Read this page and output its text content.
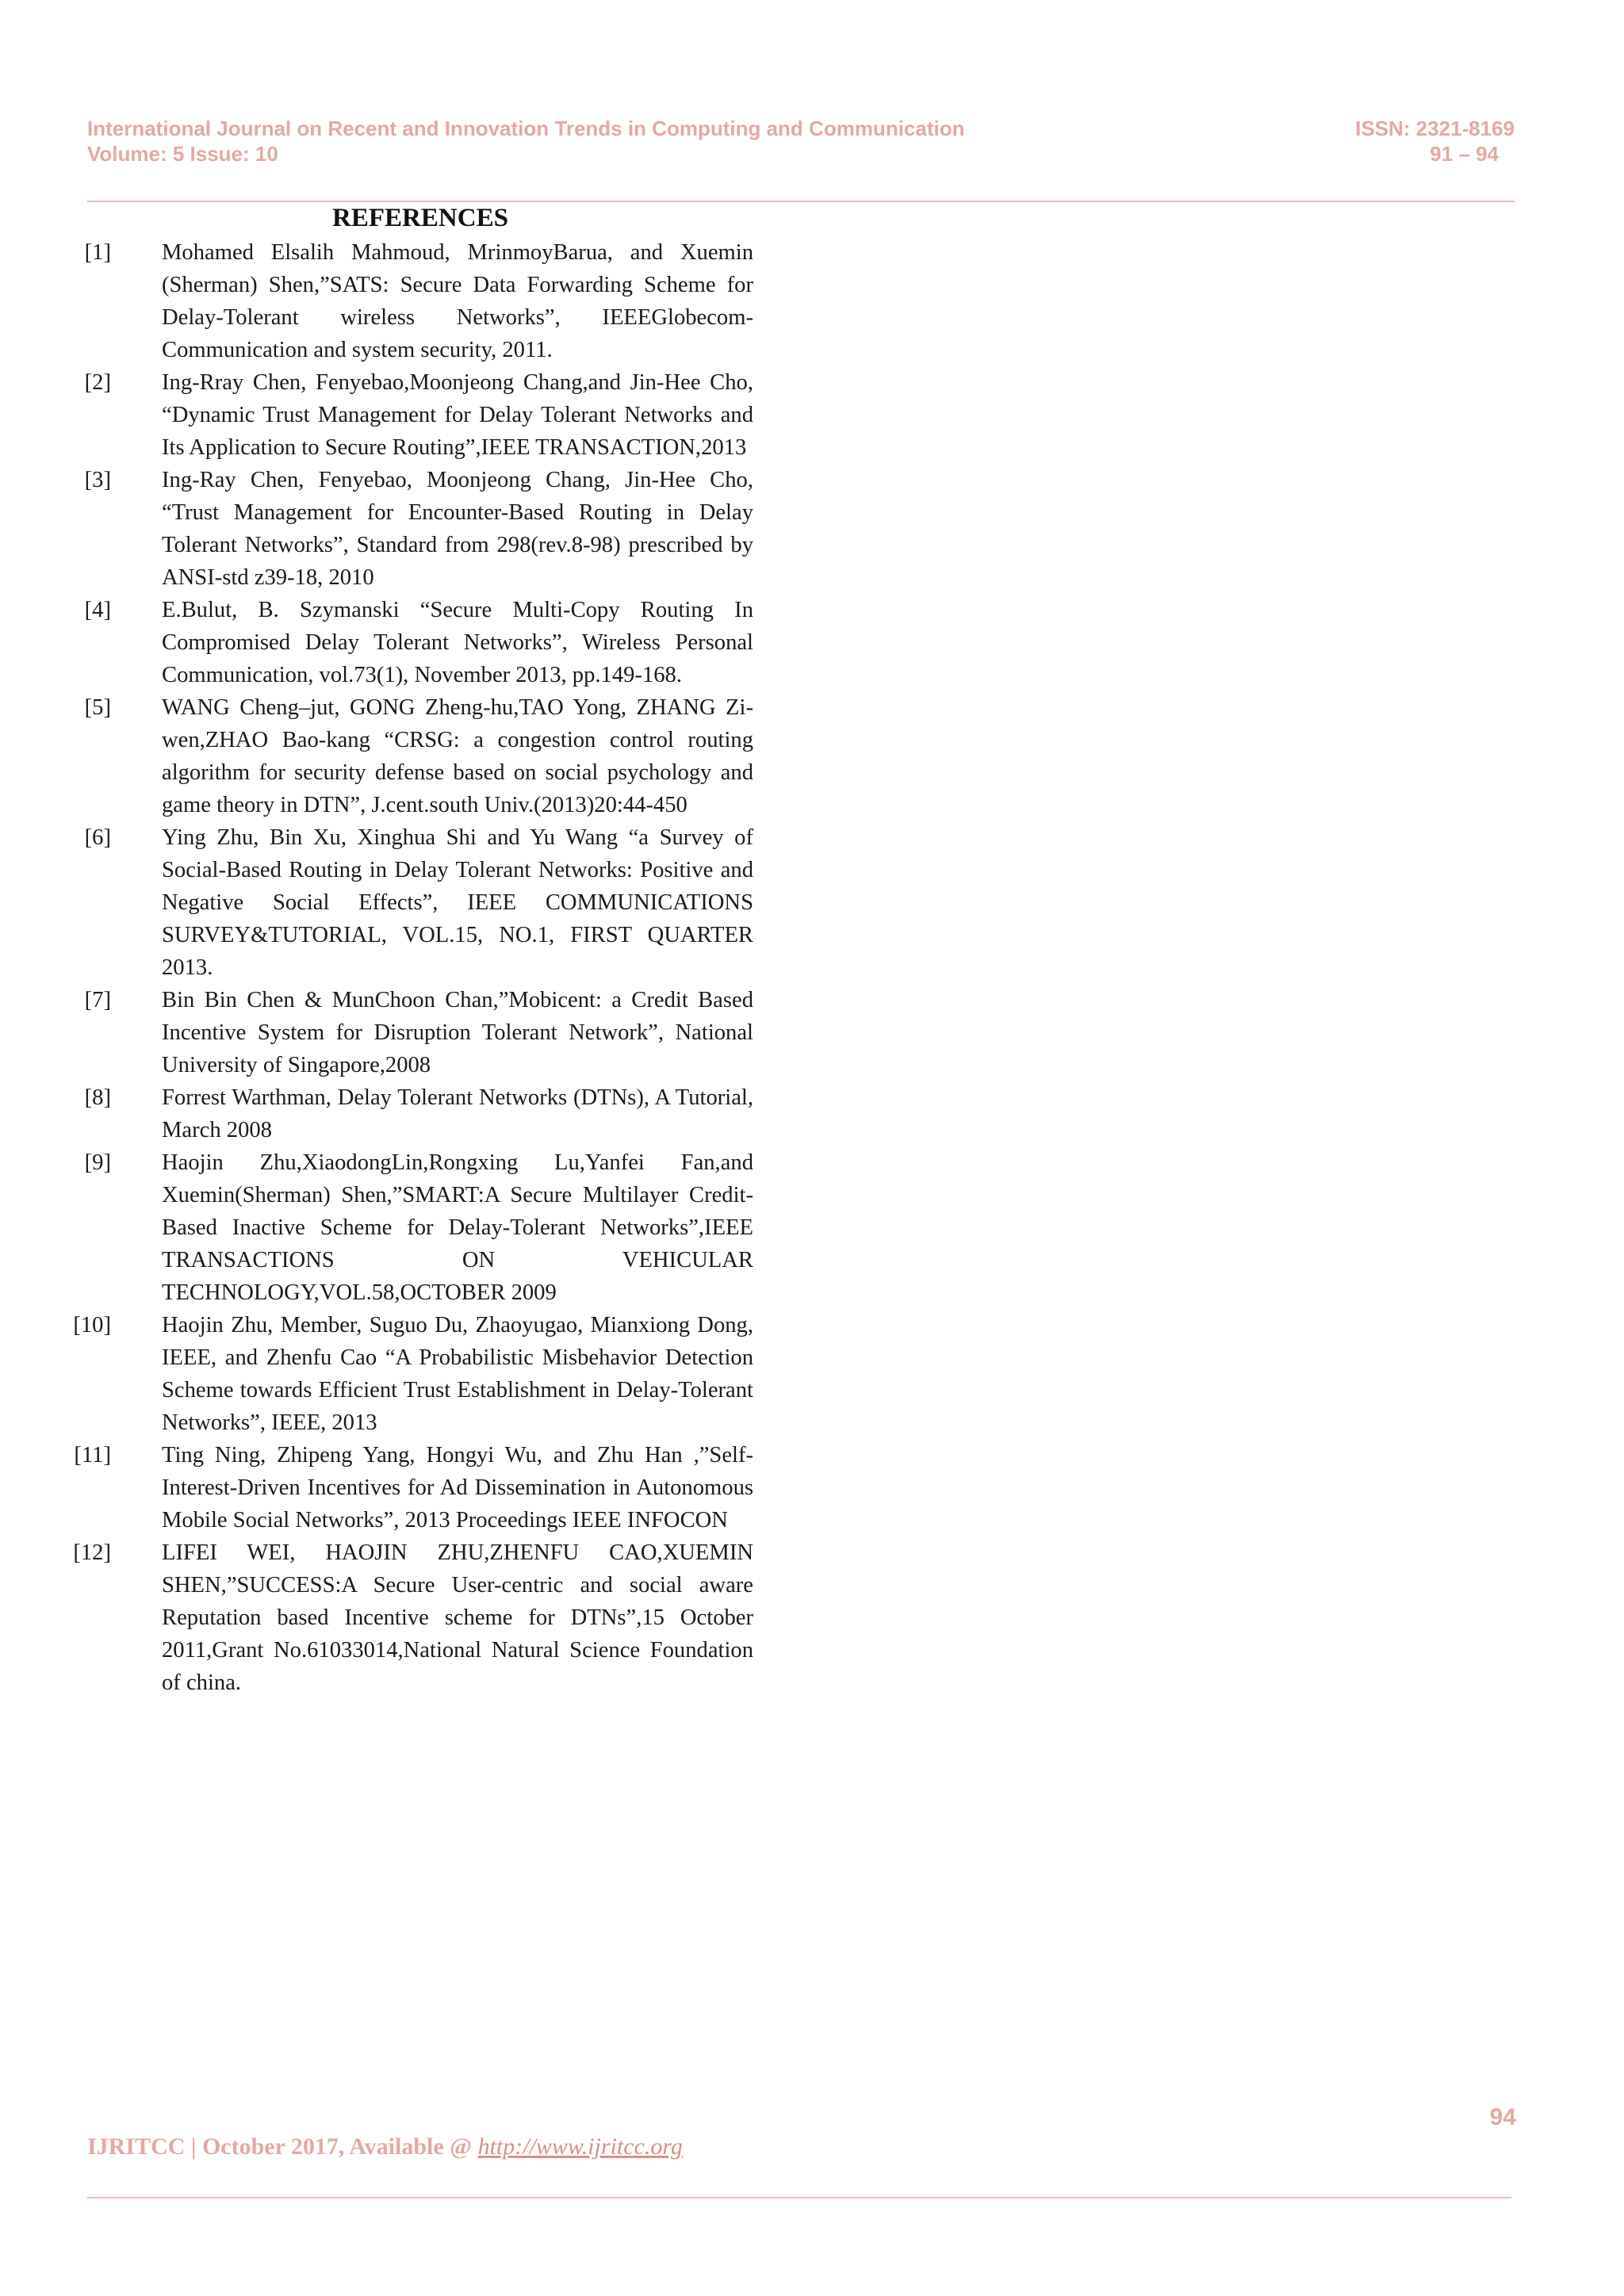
International Journal on Recent and Innovation Trends in Computing and Communication
Volume: 5 Issue: 10
ISSN: 2321-8169
91 – 94
REFERENCES
[1] Mohamed Elsalih Mahmoud, MrinmoyBarua, and Xuemin (Sherman) Shen,”SATS: Secure Data Forwarding Scheme for Delay-Tolerant wireless Networks”, IEEEGlobecom-Communication and system security, 2011.
[2] Ing-Rray Chen, Fenyebao,Moonjeong Chang,and Jin-Hee Cho, “Dynamic Trust Management for Delay Tolerant Networks and Its Application to Secure Routing”,IEEE TRANSACTION,2013
[3] Ing-Ray Chen, Fenyebao, Moonjeong Chang, Jin-Hee Cho, “Trust Management for Encounter-Based Routing in Delay Tolerant Networks”, Standard from 298(rev.8-98) prescribed by ANSI-std z39-18, 2010
[4] E.Bulut, B. Szymanski “Secure Multi-Copy Routing In Compromised Delay Tolerant Networks”, Wireless Personal Communication, vol.73(1), November 2013, pp.149-168.
[5] WANG Cheng–jut, GONG Zheng-hu,TAO Yong, ZHANG Zi-wen,ZHAO Bao-kang “CRSG: a congestion control routing algorithm for security defense based on social psychology and game theory in DTN”, J.cent.south Univ.(2013)20:44-450
[6] Ying Zhu, Bin Xu, Xinghua Shi and Yu Wang “a Survey of Social-Based Routing in Delay Tolerant Networks: Positive and Negative Social Effects”, IEEE COMMUNICATIONS SURVEY&TUTORIAL, VOL.15, NO.1, FIRST QUARTER 2013.
[7] Bin Bin Chen & MunChoon Chan,”Mobicent: a Credit Based Incentive System for Disruption Tolerant Network”, National University of Singapore,2008
[8] Forrest Warthman, Delay Tolerant Networks (DTNs), A Tutorial, March 2008
[9] Haojin Zhu,XiaodongLin,Rongxing Lu,Yanfei Fan,and Xuemin(Sherman) Shen,”SMART:A Secure Multilayer Credit-Based Inactive Scheme for Delay-Tolerant Networks”,IEEE TRANSACTIONS ON VEHICULAR TECHNOLOGY,VOL.58,OCTOBER 2009
[10] Haojin Zhu, Member, Suguo Du, Zhaoyugao, Mianxiong Dong, IEEE, and Zhenfu Cao “A Probabilistic Misbehavior Detection Scheme towards Efficient Trust Establishment in Delay-Tolerant Networks”, IEEE, 2013
[11] Ting Ning, Zhipeng Yang, Hongyi Wu, and Zhu Han ,”Self-Interest-Driven Incentives for Ad Dissemination in Autonomous Mobile Social Networks”, 2013 Proceedings IEEE INFOCON
[12] LIFEI WEI, HAOJIN ZHU,ZHENFU CAO,XUEMIN SHEN,”SUCCESS:A Secure User-centric and social aware Reputation based Incentive scheme for DTNs”,15 October 2011,Grant No.61033014,National Natural Science Foundation of china.
94
IJRITCC | October 2017, Available @ http://www.ijritcc.org
